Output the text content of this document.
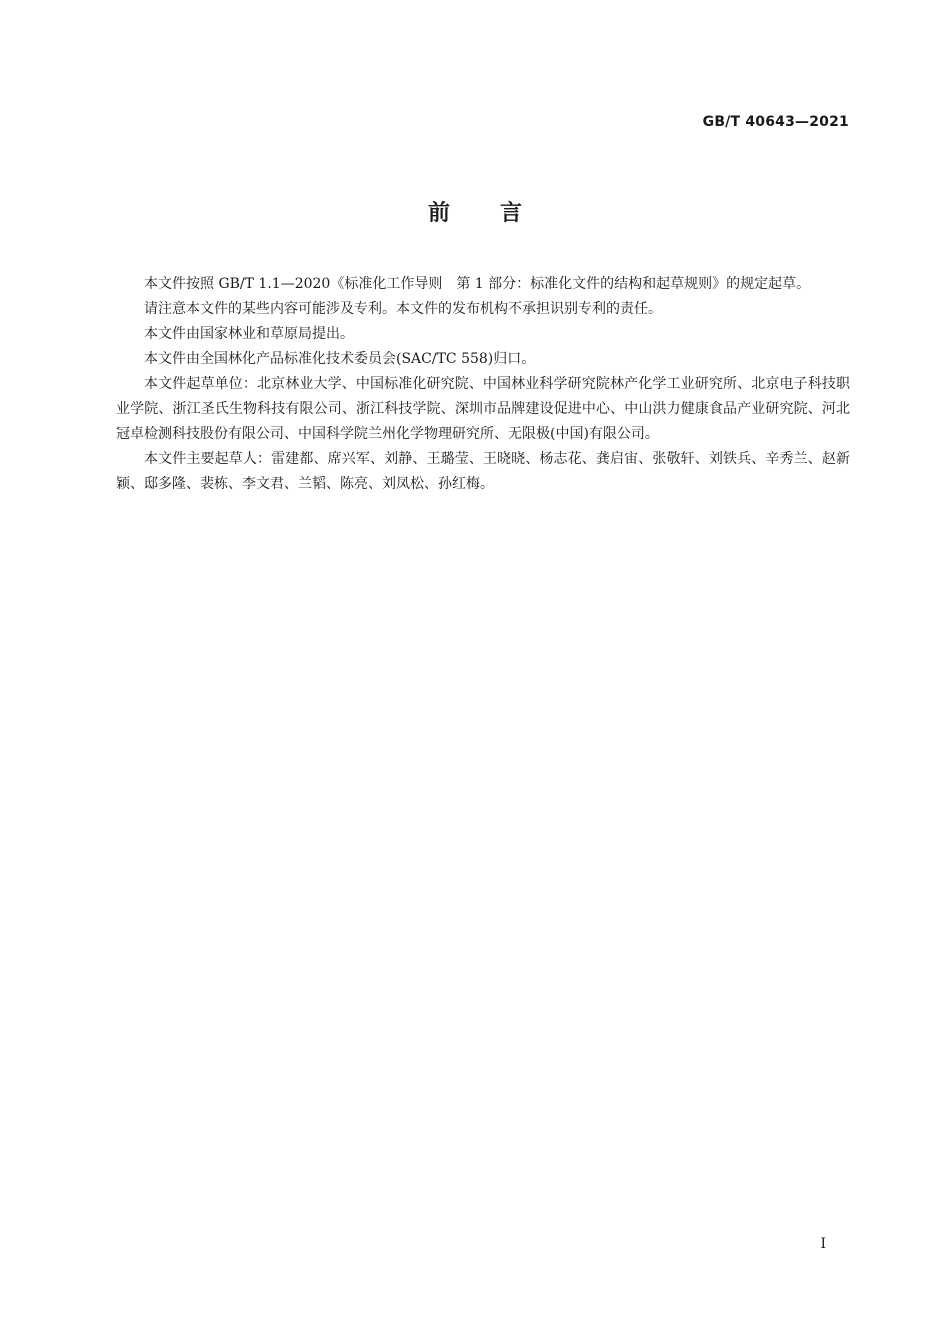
GB/T 40643—2021
前言

本文件按照 GB/T 1.1—2020《标准化工作导则　第 1 部分：标准化文件的结构和起草规则》的规定起草。

请注意本文件的某些内容可能涉及专利。本文件的发布机构不承担识别专利的责任。

本文件由国家林业和草原局提出。

本文件由全国林化产品标准化技术委员会(SAC/TC 558)归口。

本文件起草单位：北京林业大学、中国标准化研究院、中国林业科学研究院林产化学工业研究所、北京电子科技职业学院、浙江圣氏生物科技有限公司、浙江科技学院、深圳市品牌建设促进中心、中山洪力健康食品产业研究院、河北冠卓检测科技股份有限公司、中国科学院兰州化学物理研究所、无限极(中国)有限公司。

本文件主要起草人：雷建都、席兴军、刘静、王璐莹、王晓晓、杨志花、龚启宙、张敬轩、刘铁兵、辛秀兰、赵新颖、邸多隆、裴栋、李文君、兰韬、陈亮、刘凤松、孙红梅。

I
